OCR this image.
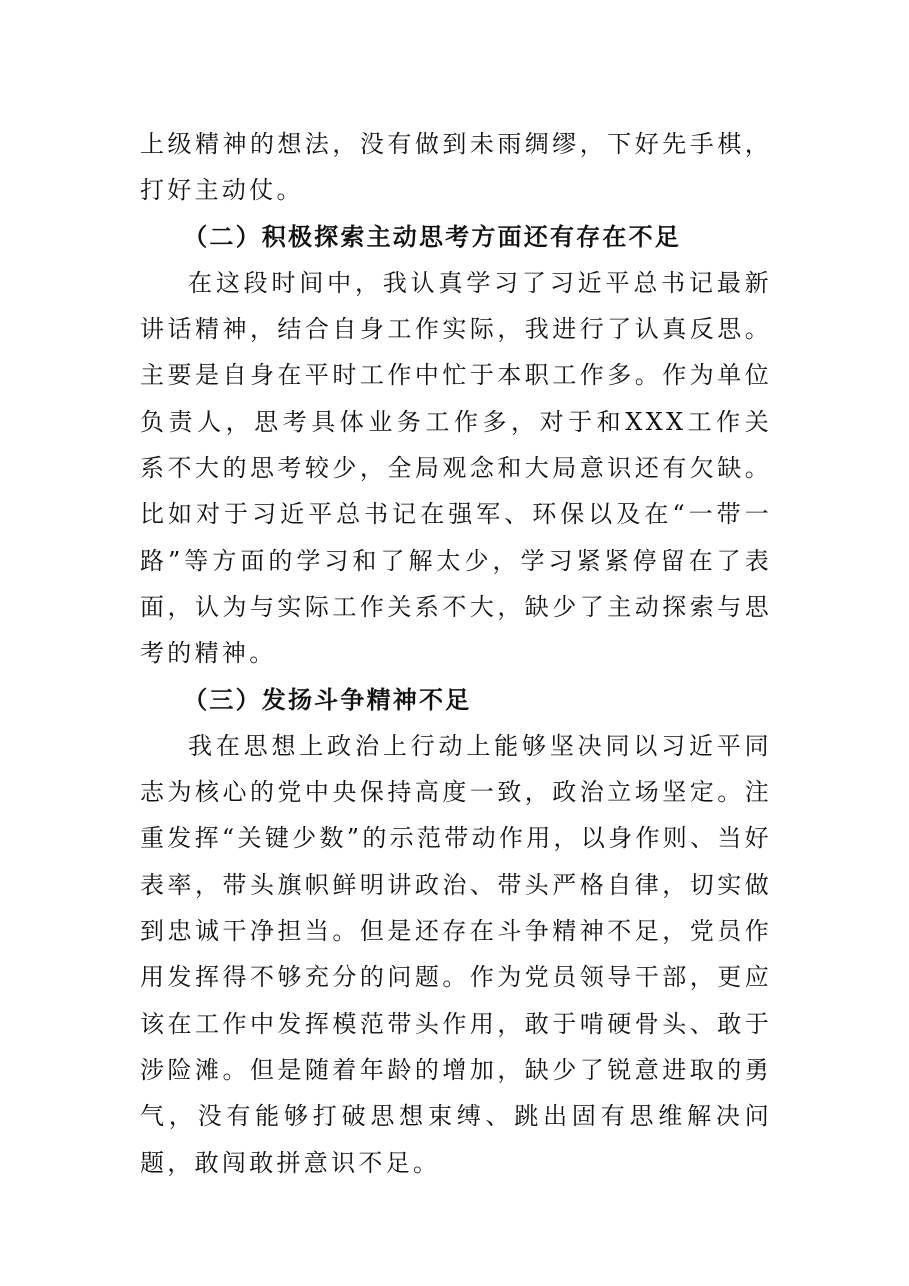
上级精神的想法，没有做到未雨绸缪，下好先手棋，打好主动仗。

（二）积极探索主动思考方面还有存在不足

在这段时间中，我认真学习了习近平总书记最新讲话精神，结合自身工作实际，我进行了认真反思。主要是自身在平时工作中忙于本职工作多。作为单位负责人，思考具体业务工作多，对于和XXX工作关系不大的思考较少，全局观念和大局意识还有欠缺。比如对于习近平总书记在强军、环保以及在“一带一路”等方面的学习和了解太少，学习紧紧停留在了表面，认为与实际工作关系不大，缺少了主动探索与思考的精神。

（三）发扬斗争精神不足

我在思想上政治上行动上能够坚决同以习近平同志为核心的党中央保持高度一致，政治立场坚定。注重发挥“关键少数”的示范带动作用，以身作则、当好表率，带头旗帜鲜明讲政治、带头严格自律，切实做到忠诚干净担当。但是还存在斗争精神不足，党员作用发挥得不够充分的问题。作为党员领导干部，更应该在工作中发挥模范带头作用，敢于啃硬骨头、敢于涉险滩。但是随着年龄的增加，缺少了锐意进取的勇气，没有能够打破思想束缚、跳出固有思维解决问题，敢闯敢拼意识不足。
